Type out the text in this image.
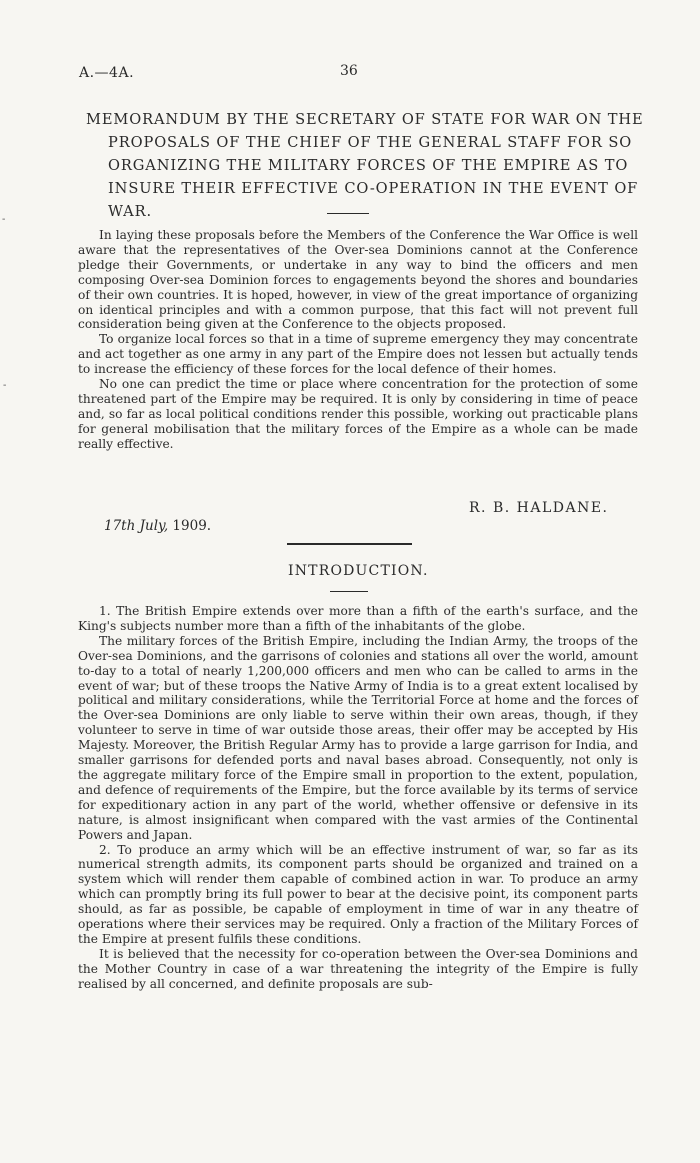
A.—4A.	36
MEMORANDUM BY THE SECRETARY OF STATE FOR WAR ON THE PROPOSALS OF THE CHIEF OF THE GENERAL STAFF FOR SO ORGANIZING THE MILITARY FORCES OF THE EMPIRE AS TO INSURE THEIR EFFECTIVE CO-OPERATION IN THE EVENT OF WAR.

In laying these proposals before the Members of the Conference the War Office is well aware that the representatives of the Over-sea Dominions cannot at the Conference pledge their Governments, or undertake in any way to bind the officers and men composing Over-sea Dominion forces to engagements beyond the shores and boundaries of their own countries. It is hoped, however, in view of the great importance of organizing on identical principles and with a common purpose, that this fact will not prevent full consideration being given at the Conference to the objects proposed.

To organize local forces so that in a time of supreme emergency they may concentrate and act together as one army in any part of the Empire does not lessen but actually tends to increase the efficiency of these forces for the local defence of their homes.

No one can predict the time or place where concentration for the protection of some threatened part of the Empire may be required. It is only by considering in time of peace and, so far as local political conditions render this possible, working out practicable plans for general mobilisation that the military forces of the Empire as a whole can be made really effective.

R. B. HALDANE.
17th July, 1909.
INTRODUCTION.

1. The British Empire extends over more than a fifth of the earth's surface, and the King's subjects number more than a fifth of the inhabitants of the globe.

The military forces of the British Empire, including the Indian Army, the troops of the Over-sea Dominions, and the garrisons of colonies and stations all over the world, amount to-day to a total of nearly 1,200,000 officers and men who can be called to arms in the event of war; but of these troops the Native Army of India is to a great extent localised by political and military considerations, while the Territorial Force at home and the forces of the Over-sea Dominions are only liable to serve within their own areas, though, if they volunteer to serve in time of war outside those areas, their offer may be accepted by His Majesty. Moreover, the British Regular Army has to provide a large garrison for India, and smaller garrisons for defended ports and naval bases abroad. Consequently, not only is the aggregate military force of the Empire small in proportion to the extent, population, and defence of requirements of the Empire, but the force available by its terms of service for expeditionary action in any part of the world, whether offensive or defensive in its nature, is almost insignificant when compared with the vast armies of the Continental Powers and Japan.

2. To produce an army which will be an effective instrument of war, so far as its numerical strength admits, its component parts should be organized and trained on a system which will render them capable of combined action in war. To produce an army which can promptly bring its full power to bear at the decisive point, its component parts should, as far as possible, be capable of employment in time of war in any theatre of operations where their services may be required. Only a fraction of the Military Forces of the Empire at present fulfils these conditions.

It is believed that the necessity for co-operation between the Over-sea Dominions and the Mother Country in case of a war threatening the integrity of the Empire is fully realised by all concerned, and definite proposals are sub-

-
-
